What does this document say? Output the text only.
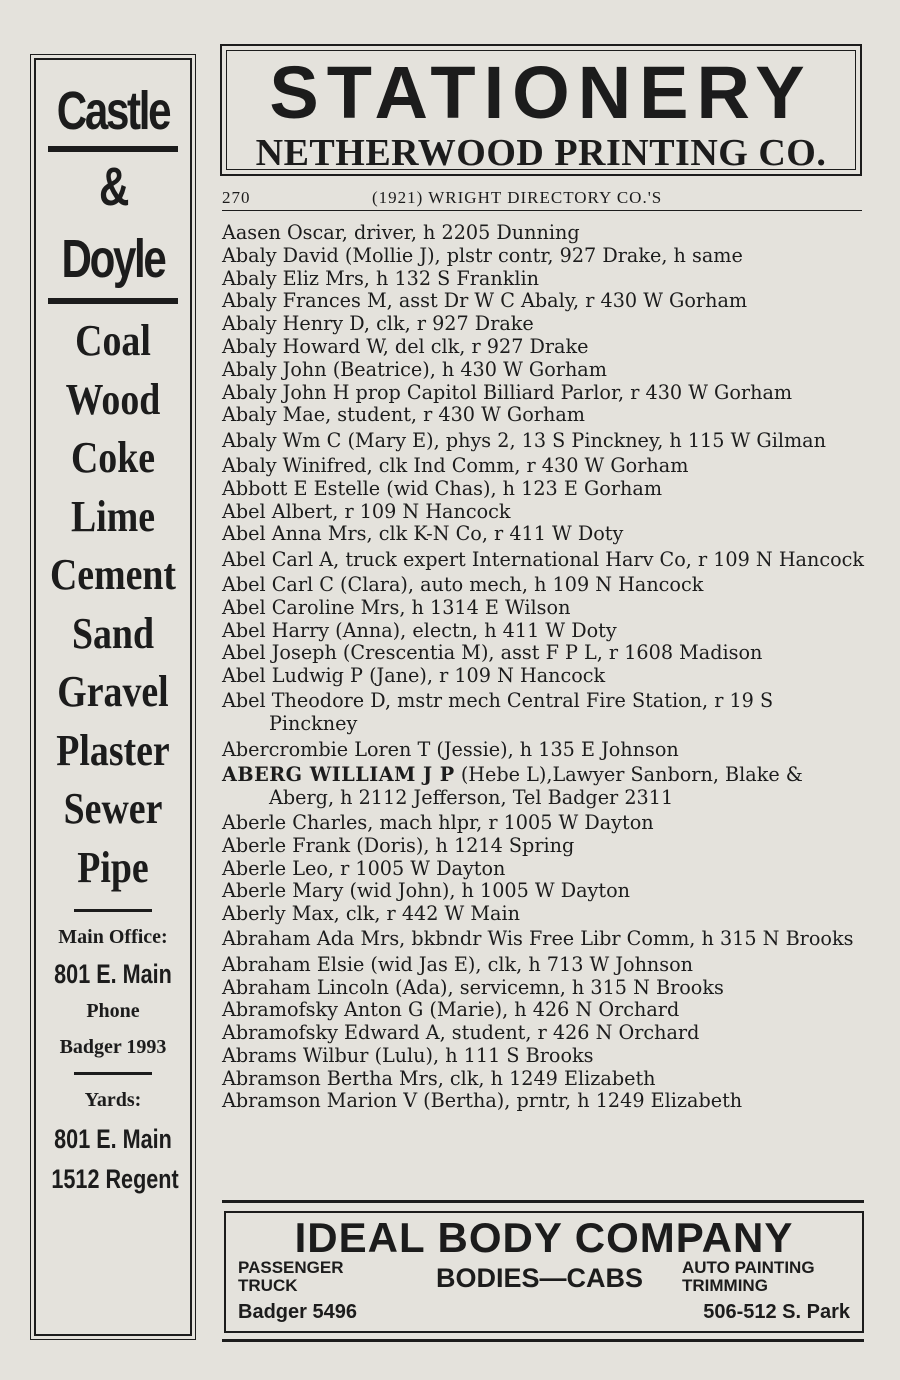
Castle
&
Doyle
Coal
Wood
Coke
Lime
Cement
Sand
Gravel
Plaster
Sewer
Pipe
Main Office:
801 E. Main
Phone
Badger 1993
Yards:
801 E. Main
1512 Regent
STATIONERY
NETHERWOOD PRINTING CO.
270	(1921) WRIGHT DIRECTORY CO.'S
Aasen Oscar, driver, h 2205 Dunning
Abaly David (Mollie J), plstr contr, 927 Drake, h same
Abaly Eliz Mrs, h 132 S Franklin
Abaly Frances M, asst Dr W C Abaly, r 430 W Gorham
Abaly Henry D, clk, r 927 Drake
Abaly Howard W, del clk, r 927 Drake
Abaly John (Beatrice), h 430 W Gorham
Abaly John H prop Capitol Billiard Parlor, r 430 W Gorham
Abaly Mae, student, r 430 W Gorham
Abaly Wm C (Mary E), phys 2, 13 S Pinckney, h 115 W Gilman
Abaly Winifred, clk Ind Comm, r 430 W Gorham
Abbott E Estelle (wid Chas), h 123 E Gorham
Abel Albert, r 109 N Hancock
Abel Anna Mrs, clk K-N Co, r 411 W Doty
Abel Carl A, truck expert International Harv Co, r 109 N Hancock
Abel Carl C (Clara), auto mech, h 109 N Hancock
Abel Caroline Mrs, h 1314 E Wilson
Abel Harry (Anna), electn, h 411 W Doty
Abel Joseph (Crescentia M), asst F P L, r 1608 Madison
Abel Ludwig P (Jane), r 109 N Hancock
Abel Theodore D, mstr mech Central Fire Station, r 19 S Pinckney
Abercrombie Loren T (Jessie), h 135 E Johnson
ABERG WILLIAM J P (Hebe L),Lawyer Sanborn, Blake & Aberg, h 2112 Jefferson, Tel Badger 2311
Aberle Charles, mach hlpr, r 1005 W Dayton
Aberle Frank (Doris), h 1214 Spring
Aberle Leo, r 1005 W Dayton
Aberle Mary (wid John), h 1005 W Dayton
Aberly Max, clk, r 442 W Main
Abraham Ada Mrs, bkbndr Wis Free Libr Comm, h 315 N Brooks
Abraham Elsie (wid Jas E), clk, h 713 W Johnson
Abraham Lincoln (Ada), servicemn, h 315 N Brooks
Abramofsky Anton G (Marie), h 426 N Orchard
Abramofsky Edward A, student, r 426 N Orchard
Abrams Wilbur (Lulu), h 111 S Brooks
Abramson Bertha Mrs, clk, h 1249 Elizabeth
Abramson Marion V (Bertha), prntr, h 1249 Elizabeth
IDEAL BODY COMPANY
PASSENGER
TRUCK
Badger 5496
BODIES—CABS AUTO PAINTING
TRIMMING
506-512 S. Park
